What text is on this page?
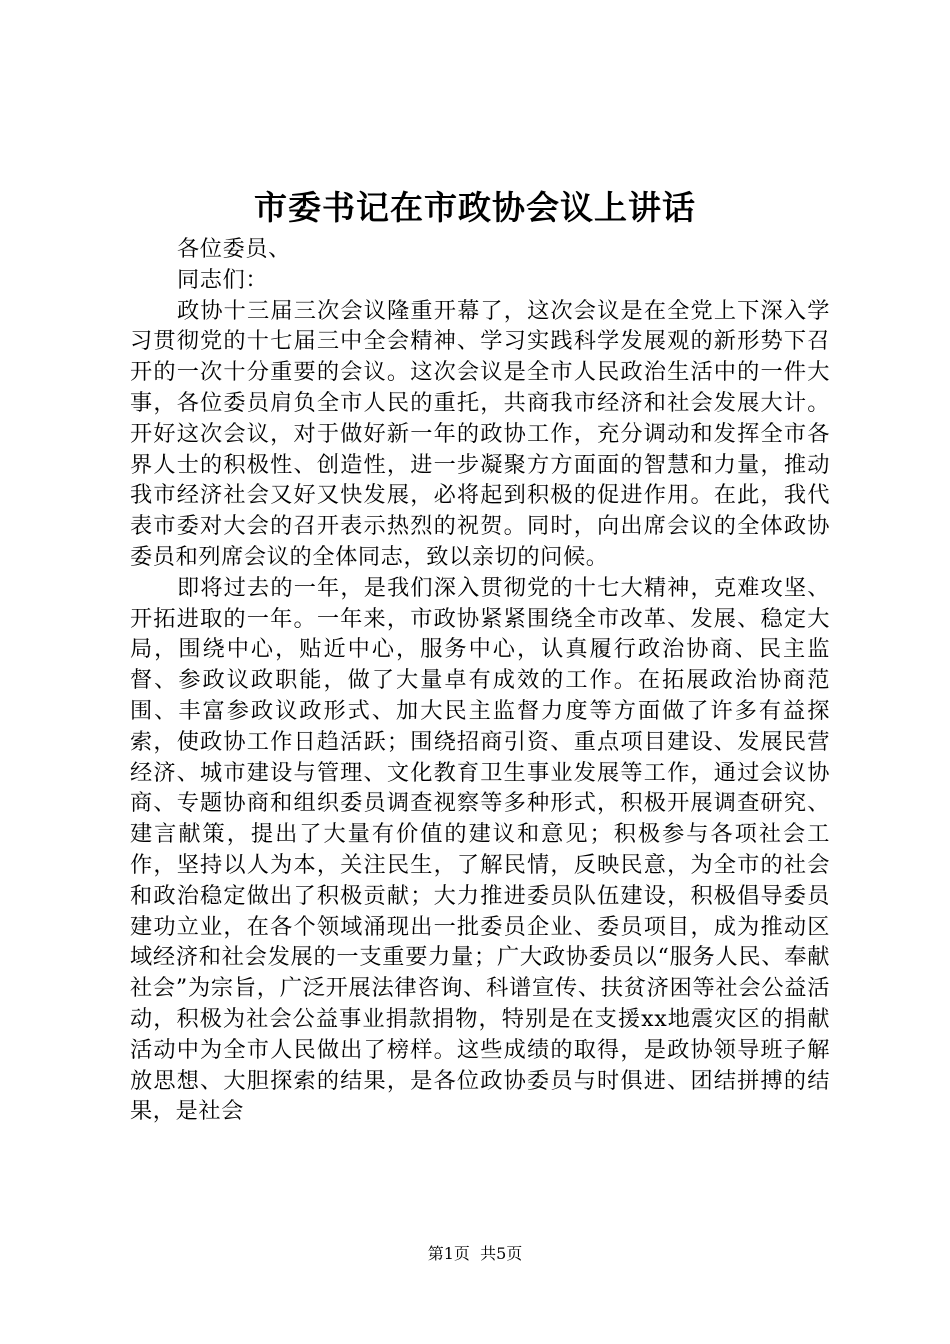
市委书记在市政协会议上讲话

各位委员、

同志们：

政协十三届三次会议隆重开幕了，这次会议是在全党上下深入学习贯彻党的十七届三中全会精神、学习实践科学发展观的新形势下召开的一次十分重要的会议。这次会议是全市人民政治生活中的一件大事，各位委员肩负全市人民的重托，共商我市经济和社会发展大计。开好这次会议，对于做好新一年的政协工作，充分调动和发挥全市各界人士的积极性、创造性，进一步凝聚方方面面的智慧和力量，推动我市经济社会又好又快发展，必将起到积极的促进作用。在此，我代表市委对大会的召开表示热烈的祝贺。同时，向出席会议的全体政协委员和列席会议的全体同志，致以亲切的问候。

即将过去的一年，是我们深入贯彻党的十七大精神，克难攻坚、开拓进取的一年。一年来，市政协紧紧围绕全市改革、发展、稳定大局，围绕中心，贴近中心，服务中心，认真履行政治协商、民主监督、参政议政职能，做了大量卓有成效的工作。在拓展政治协商范围、丰富参政议政形式、加大民主监督力度等方面做了许多有益探索，使政协工作日趋活跃；围绕招商引资、重点项目建设、发展民营经济、城市建设与管理、文化教育卫生事业发展等工作，通过会议协商、专题协商和组织委员调查视察等多种形式，积极开展调查研究、建言献策，提出了大量有价值的建议和意见；积极参与各项社会工作，坚持以人为本，关注民生，了解民情，反映民意，为全市的社会和政治稳定做出了积极贡献；大力推进委员队伍建设，积极倡导委员建功立业，在各个领域涌现出一批委员企业、委员项目，成为推动区域经济和社会发展的一支重要力量；广大政协委员以“服务人民、奉献社会”为宗旨，广泛开展法律咨询、科谱宣传、扶贫济困等社会公益活动，积极为社会公益事业捐款捐物，特别是在支援xx地震灾区的捐献活动中为全市人民做出了榜样。这些成绩的取得，是政协领导班子解放思想、大胆探索的结果，是各位政协委员与时俱进、团结拼搏的结果，是社会

第1页  共5页
